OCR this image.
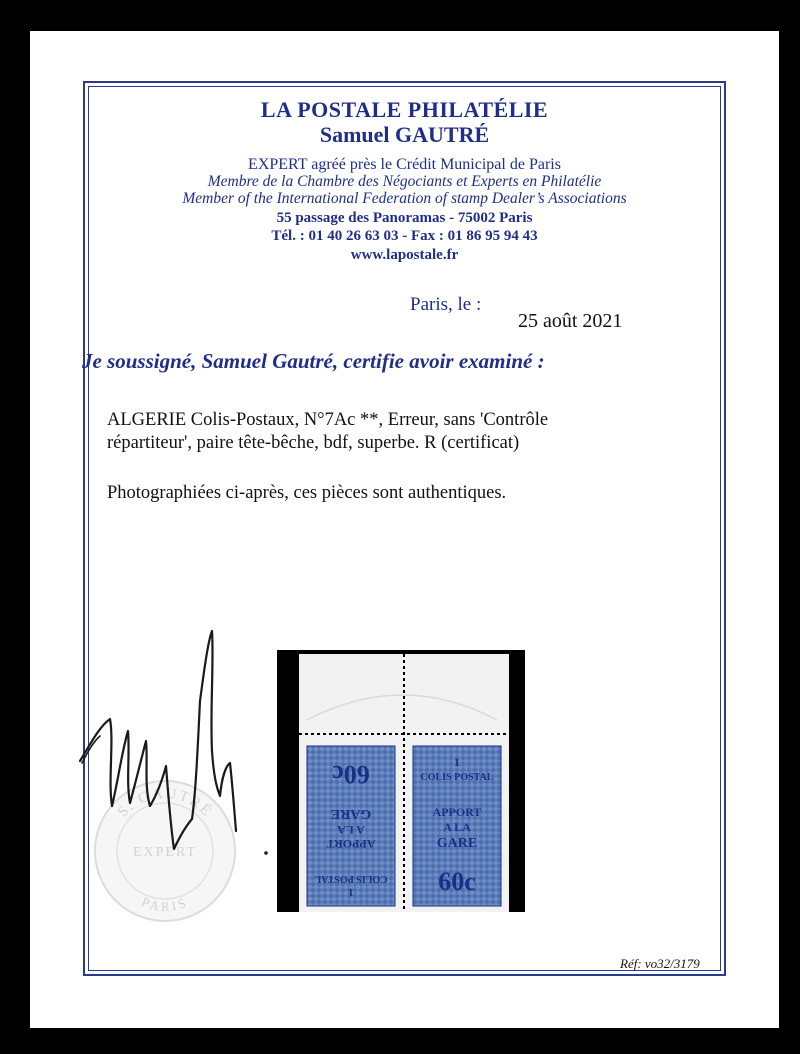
LA POSTALE PHILATÉLIE
Samuel GAUTRÉ
EXPERT agréé près le Crédit Municipal de Paris
Membre de la Chambre des Négociants et Experts en Philatélie
Member of the International Federation of stamp Dealer’s Associations
55 passage des Panoramas - 75002 Paris
Tél. : 01 40 26 63 03 - Fax : 01 86 95 94 43
www.lapostale.fr
Paris, le :
25 août 2021
Je soussigné, Samuel Gautré, certifie avoir examiné :
ALGERIE Colis-Postaux, N°7Ac **, Erreur, sans 'Contrôle
répartiteur', paire tête-bêche, bdf, superbe. R (certificat)
Photographiées ci-après, ces pièces sont authentiques.
S. GAUTRÉ
EXPERT
PARIS
COLIS POSTAL
1
APPORT
A LA
GARE
60c	COLIS POSTAL
1
APPORT
A LA
GARE
60c
Réf: vo32/3179
